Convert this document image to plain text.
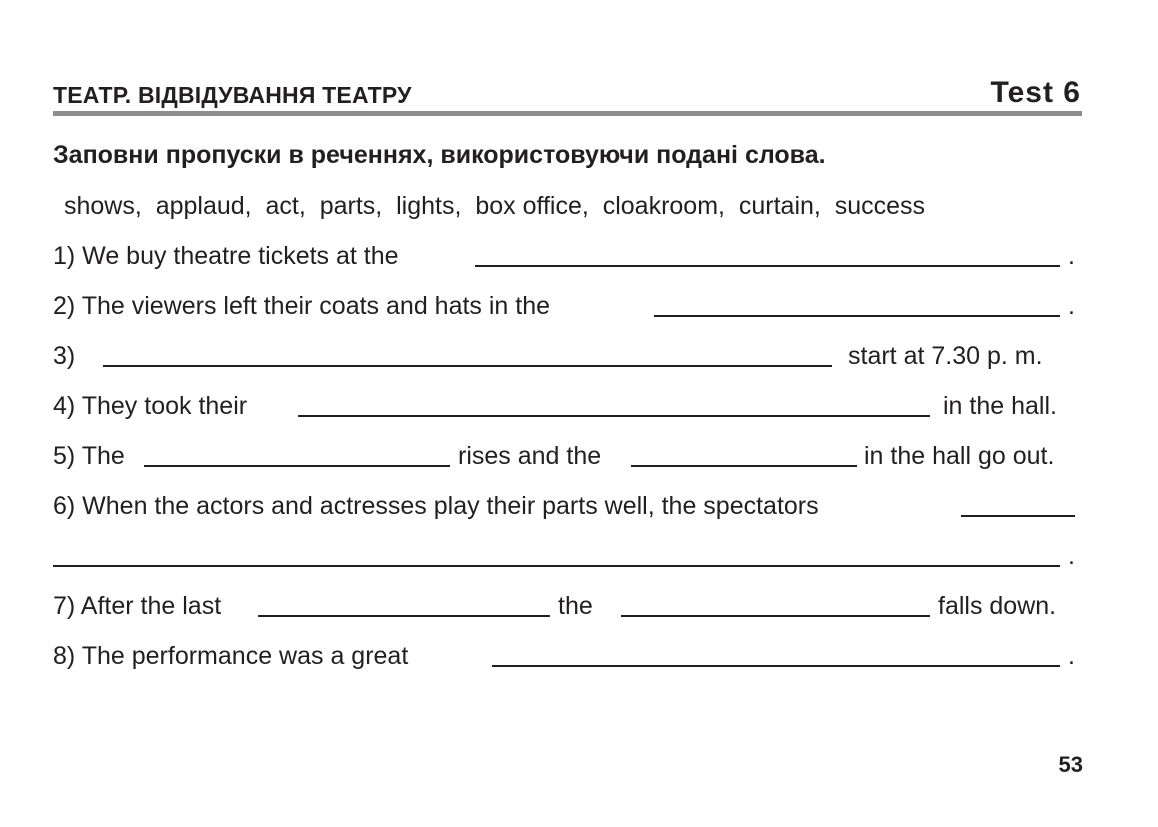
ТЕАТР. ВІДВІДУВАННЯ ТЕАТРУ	Test 6
Заповни пропуски в реченнях, використовуючи подані слова.
shows,  applaud,  act,  parts,  lights,  box office,  cloakroom,  curtain,  success
1) We buy theatre tickets at the	.
2) The viewers left their coats and hats in the	.
3)	start at 7.30 p. m.
4) They took their	in the hall.
5) The	rises and the	in the hall go out.
6) When the actors and actresses play their parts well, the spectators
.
7) After the last	the	falls down.
8) The performance was a great	.
53
